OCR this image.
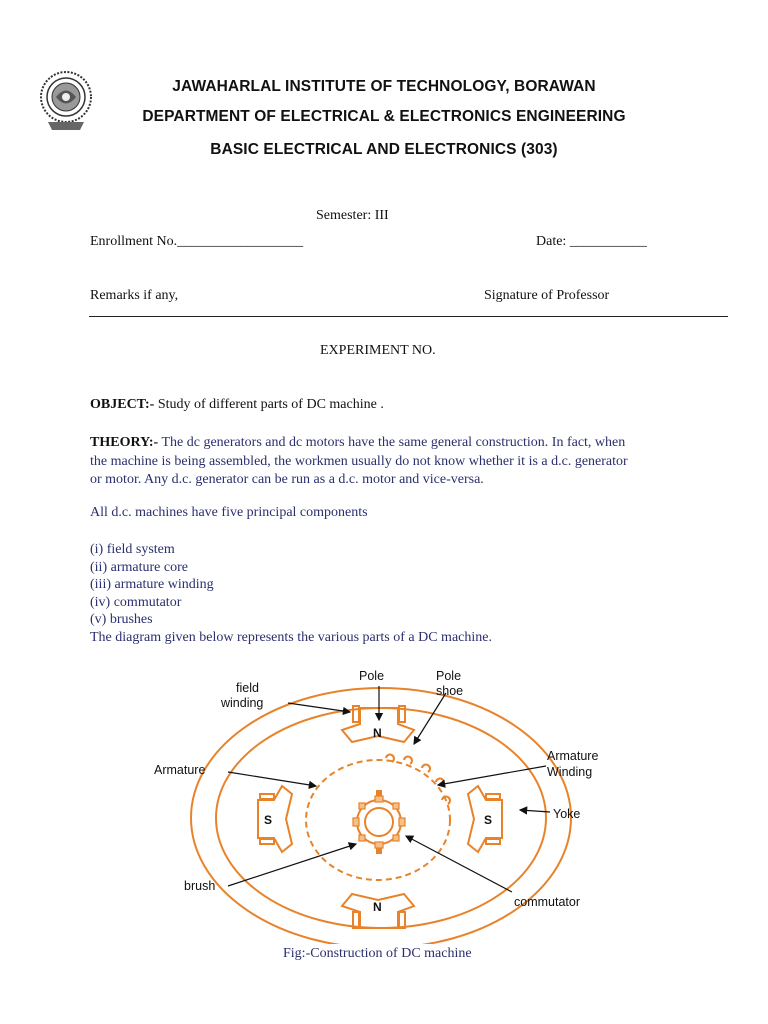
JAWAHARLAL INSTITUTE OF TECHNOLOGY, BORAWAN
DEPARTMENT OF ELECTRICAL & ELECTRONICS ENGINEERING
BASIC ELECTRICAL AND ELECTRONICS (303)
Semester: III
Enrollment No.__________________	Date: ___________
Remarks if any,	Signature of Professor
EXPERIMENT NO.
OBJECT:- Study of different parts of DC machine .
THEORY:- The dc generators and dc motors have the same general construction. In fact, when
the machine is being assembled, the workmen usually do not know whether it is a d.c. generator
or motor. Any d.c. generator can be run as a d.c. motor and vice-versa.
All d.c. machines have five principal components
(i) field system
(ii) armature core
(iii) armature winding
(iv) commutator
(v) brushes
The diagram given below represents the various parts of a DC machine.
N
N
S	S
field
winding
Pole	Pole
shoe
Armature
Winding
Armature
Yoke
brush
commutator
Fig:-Construction of DC machine
